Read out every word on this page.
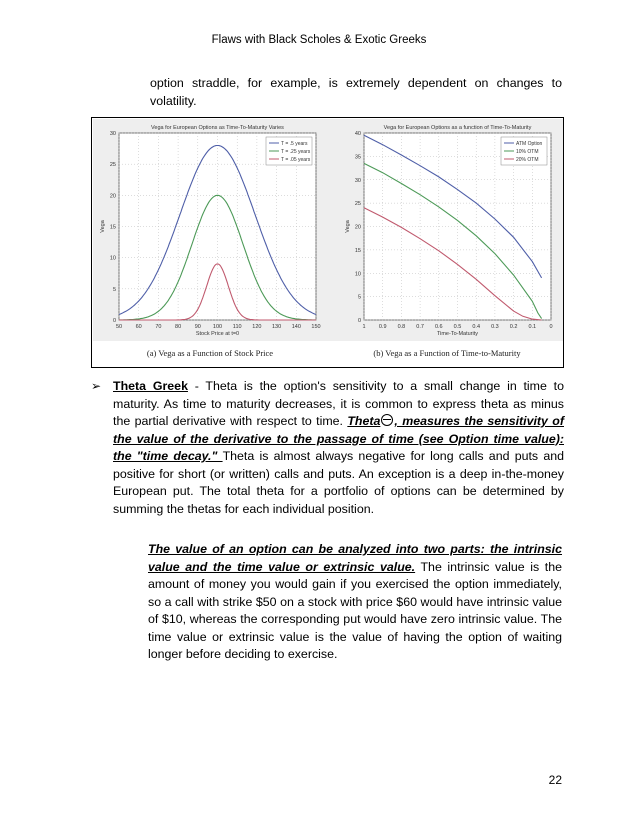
Flaws with Black Scholes & Exotic Greeks
option straddle, for example, is extremely dependent on changes to volatility.
50 60 70 80 90 100 110 120 130 140 150
0
5
10
15
20
25
30
Vega for European Options as Time-To-Maturity Varies
Stock Price at t=0
Vega
T = .5 years
T = .25 years
T = .05 years
1 0.9 0.8 0.7 0.6 0.5 0.4 0.3 0.2 0.1 0
0
5
10
15
20
25
30
35
40
Vega for European Options as a function of Time-To-Maturity
Time-To-Maturity
Vega
ATM Option
10% OTM
20% OTM
(a) Vega as a Function of Stock Price	(b) Vega as a Function of Time-to-Maturity
➢ Theta Greek - Theta is the option's sensitivity to a small change in time to maturity. As time to maturity decreases, it is common to express theta as minus the partial derivative with respect to time. Theta , measures the sensitivity of the value of the derivative to the passage of time (see Option time value): the "time decay." Theta is almost always negative for long calls and puts and positive for short (or written) calls and puts. An exception is a deep in-the-money European put. The total theta for a portfolio of options can be determined by summing the thetas for each individual position.
The value of an option can be analyzed into two parts: the intrinsic value and the time value or extrinsic value. The intrinsic value is the amount of money you would gain if you exercised the option immediately, so a call with strike $50 on a stock with price $60 would have intrinsic value of $10, whereas the corresponding put would have zero intrinsic value. The time value or extrinsic value is the value of having the option of waiting longer before deciding to exercise.
22
